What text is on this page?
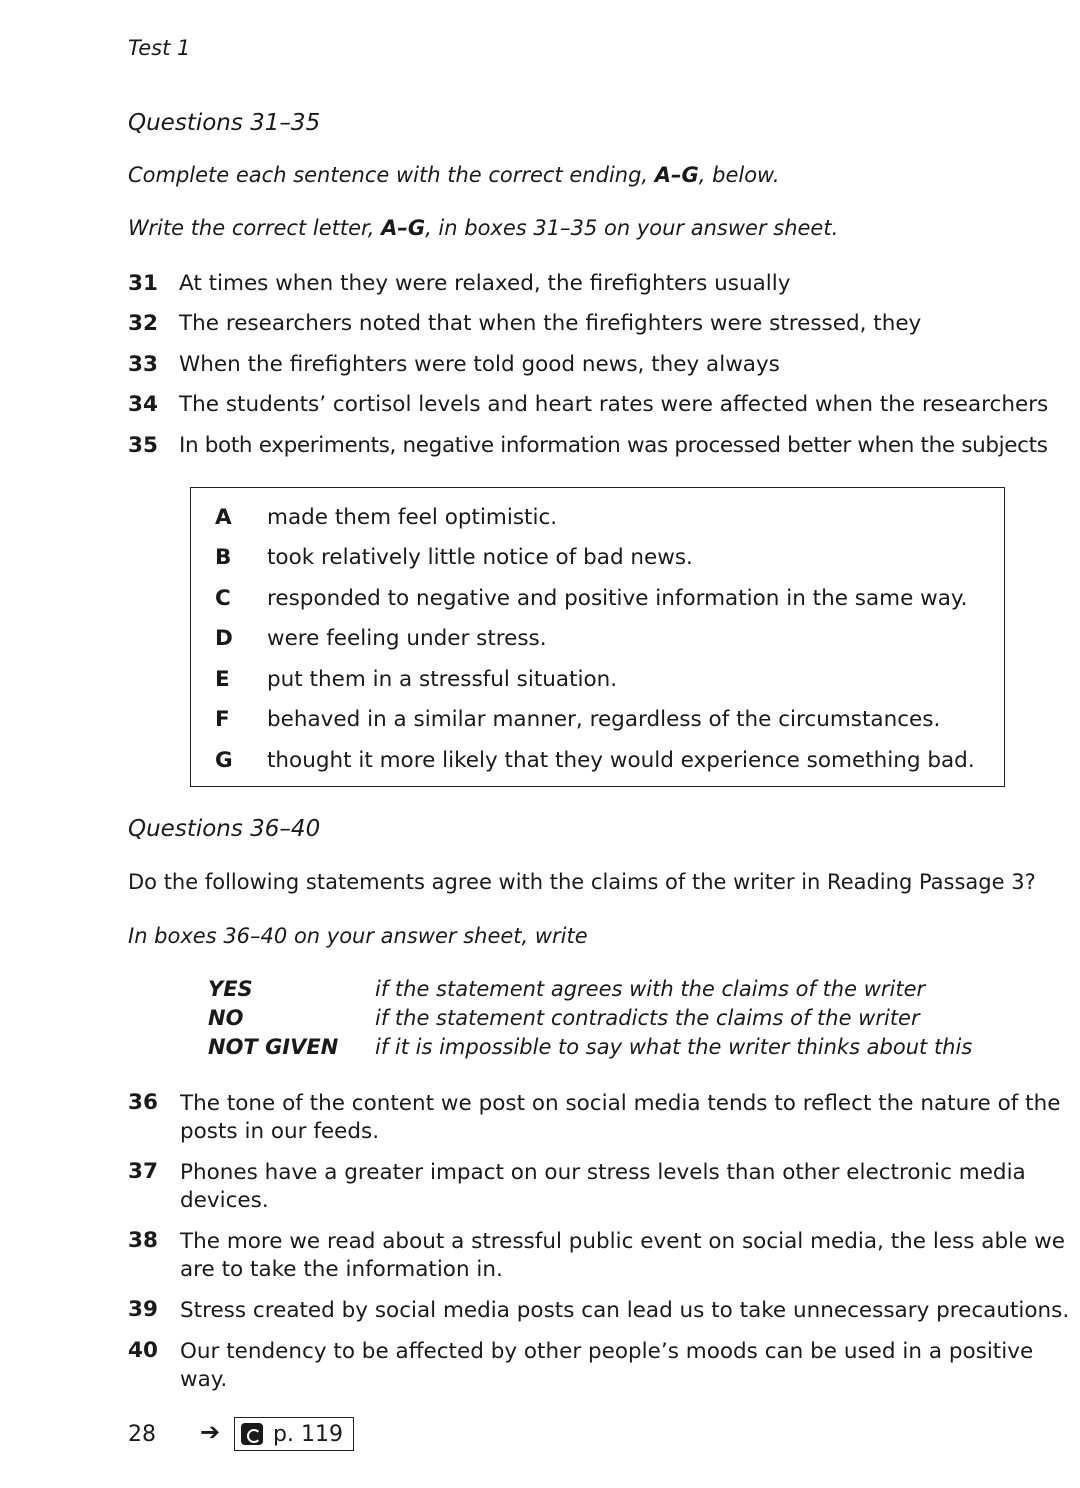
Test 1
Questions 31–35
Complete each sentence with the correct ending, A–G, below.
Write the correct letter, A–G, in boxes 31–35 on your answer sheet.
31 At times when they were relaxed, the firefighters usually
32 The researchers noted that when the firefighters were stressed, they
33 When the firefighters were told good news, they always
34 The students’ cortisol levels and heart rates were affected when the researchers
35 In both experiments, negative information was processed better when the subjects
A	made them feel optimistic.
B	took relatively little notice of bad news.
C	responded to negative and positive information in the same way.
D	were feeling under stress.
E	put them in a stressful situation.
F	behaved in a similar manner, regardless of the circumstances.
G	thought it more likely that they would experience something bad.
Questions 36–40
Do the following statements agree with the claims of the writer in Reading Passage 3?
In boxes 36–40 on your answer sheet, write
YES	if the statement agrees with the claims of the writer
NO	if the statement contradicts the claims of the writer
NOT GIVEN if it is impossible to say what the writer thinks about this
36 The tone of the content we post on social media tends to reflect the nature of the posts in our feeds.
37 Phones have a greater impact on our stress levels than other electronic media devices.
38 The more we read about a stressful public event on social media, the less able we are to take the information in.
39 Stress created by social media posts can lead us to take unnecessary precautions.
40 Our tendency to be affected by other people’s moods can be used in a positive way.
28 ➔ p. 119
